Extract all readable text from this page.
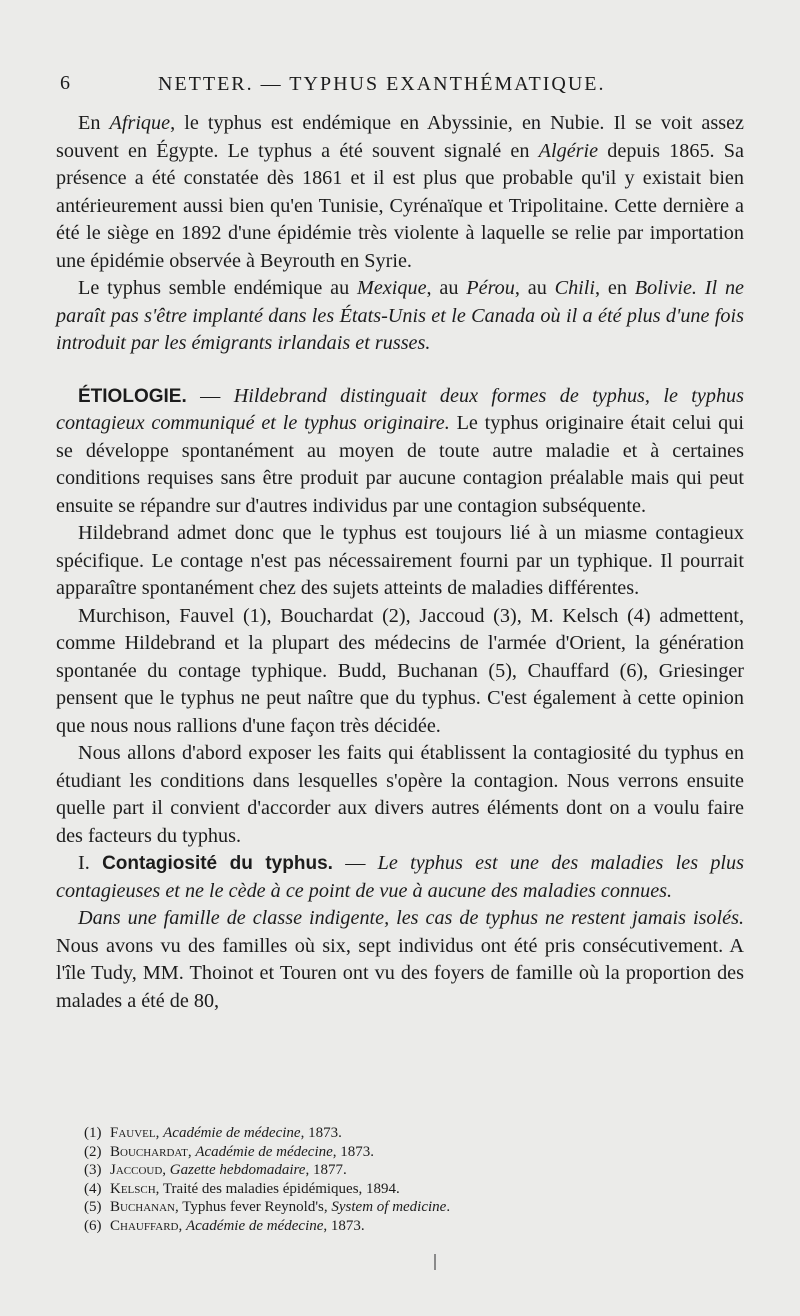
6	NETTER. — TYPHUS EXANTHÉMATIQUE.

En Afrique, le typhus est endémique en Abyssinie, en Nubie. Il se voit assez souvent en Égypte. Le typhus a été souvent signalé en Algérie depuis 1865. Sa présence a été constatée dès 1861 et il est plus que probable qu'il y existait bien antérieurement aussi bien qu'en Tunisie, Cyrénaïque et Tripolitaine. Cette dernière a été le siège en 1892 d'une épidémie très violente à laquelle se relie par importation une épidémie observée à Beyrouth en Syrie.

Le typhus semble endémique au Mexique, au Pérou, au Chili, en Bolivie. Il ne paraît pas s'être implanté dans les États-Unis et le Canada où il a été plus d'une fois introduit par les émigrants irlandais et russes.

ÉTIOLOGIE. — Hildebrand distinguait deux formes de typhus, le typhus contagieux communiqué et le typhus originaire. Le typhus originaire était celui qui se développe spontanément au moyen de toute autre maladie et à certaines conditions requises sans être produit par aucune contagion préalable mais qui peut ensuite se répandre sur d'autres individus par une contagion subséquente.

Hildebrand admet donc que le typhus est toujours lié à un miasme contagieux spécifique. Le contage n'est pas nécessairement fourni par un typhique. Il pourrait apparaître spontanément chez des sujets atteints de maladies différentes.

Murchison, Fauvel (1), Bouchardat (2), Jaccoud (3), M. Kelsch (4) admettent, comme Hildebrand et la plupart des médecins de l'armée d'Orient, la génération spontanée du contage typhique. Budd, Buchanan (5), Chauffard (6), Griesinger pensent que le typhus ne peut naître que du typhus. C'est également à cette opinion que nous nous rallions d'une façon très décidée.

Nous allons d'abord exposer les faits qui établissent la contagiosité du typhus en étudiant les conditions dans lesquelles s'opère la contagion. Nous verrons ensuite quelle part il convient d'accorder aux divers autres éléments dont on a voulu faire des facteurs du typhus.

I. Contagiosité du typhus. — Le typhus est une des maladies les plus contagieuses et ne le cède à ce point de vue à aucune des maladies connues.

Dans une famille de classe indigente, les cas de typhus ne restent jamais isolés. Nous avons vu des familles où six, sept individus ont été pris consécutivement. A l'île Tudy, MM. Thoinot et Touren ont vu des foyers de famille où la proportion des malades a été de 80,

(1) Fauvel, Académie de médecine, 1873.
(2) Bouchardat, Académie de médecine, 1873.
(3) Jaccoud, Gazette hebdomadaire, 1877.
(4) Kelsch, Traité des maladies épidémiques, 1894.
(5) Buchanan, Typhus fever Reynold's, System of medicine.
(6) Chauffard, Académie de médecine, 1873.
